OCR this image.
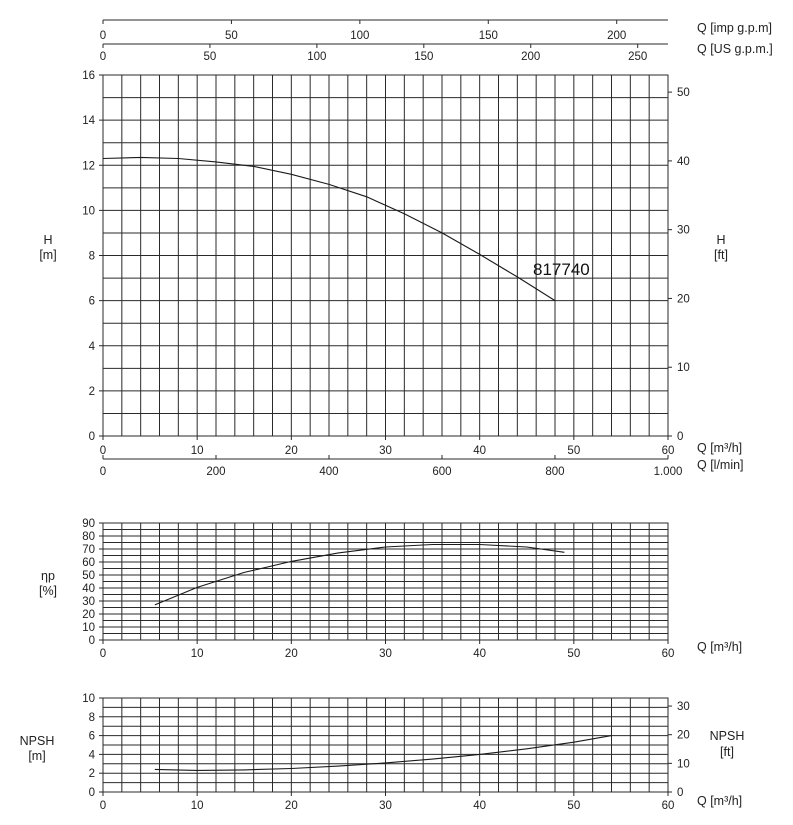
0
2
4
6
8
10
12
14
16
0
10
20
30
40
50
0	10	20	30	40	50	60
0	200	400	600	800	1.000
0	50	100	150	200
0	50	100	150	200	250
817740
H
[m]
H
[ft]
Q [m³/h]
Q [l/min]
Q [imp g.p.m]
Q [US g.p.m.]
0
10
20
30
40
50
60
70
80
90
0	10	20	30	40	50	60
ηp
[%]
Q [m³/h]
0
2
4
6
8
10
0
10
20
30
0	10	20	30	40	50	60
NPSH
[m]
NPSH
[ft]
Q [m³/h]
